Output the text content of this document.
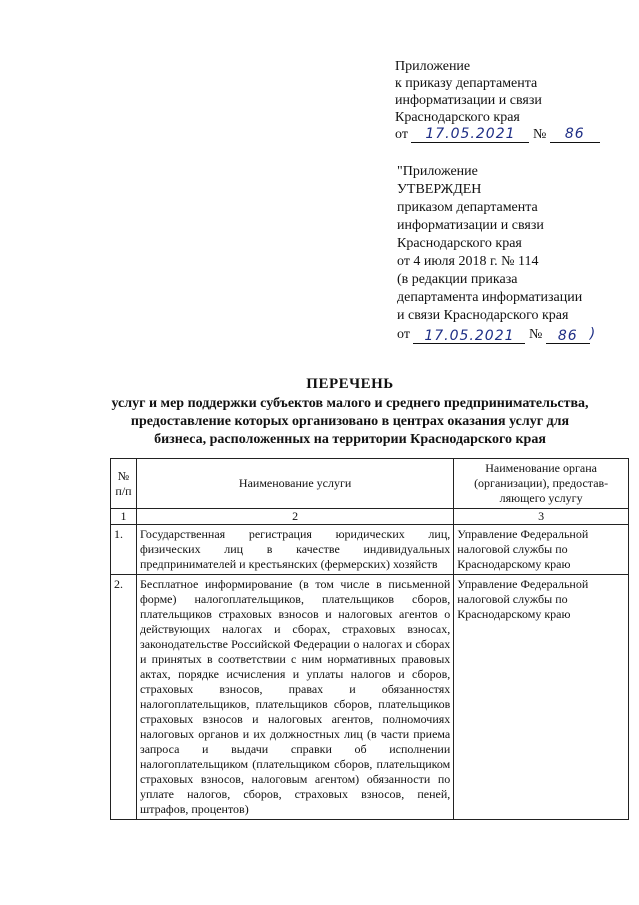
Приложение
к приказу департамента
информатизации и связи
Краснодарского края
от 17.05.2021 № 86
"Приложение
УТВЕРЖДЕН
приказом департамента
информатизации и связи
Краснодарского края
от 4 июля 2018 г. № 114
(в редакции приказа
департамента информатизации
и связи Краснодарского края
от 17.05.2021 № 86 )
ПЕРЕЧЕНЬ
услуг и мер поддержки субъектов малого и среднего предпринимательства,
предоставление которых организовано в центрах оказания услуг для
бизнеса, расположенных на территории Краснодарского края
№ п/п	Наименование услуги	Наименование органа (организации), предостав-ляющего услугу
1	2	3
1.	Государственная регистрация юридических лиц, физических лиц в качестве индивидуальных предпринимателей и крестьянских (фермерских) хозяйств	Управление Федеральной налоговой службы по Краснодарскому краю
2.	Бесплатное информирование (в том числе в письменной форме) налогоплательщиков, плательщиков сборов, плательщиков страховых взносов и налоговых агентов о действующих налогах и сборах, страховых взносах, законодательстве Российской Федерации о налогах и сборах и принятых в соответствии с ним нормативных правовых актах, порядке исчисления и уплаты налогов и сборов, страховых взносов, правах и обязанностях налогоплательщиков, плательщиков сборов, плательщиков страховых взносов и налоговых агентов, полномочиях налоговых органов и их должностных лиц (в части приема запроса и выдачи справки об исполнении налогоплательщиком (плательщиком сборов, плательщиком страховых взносов, налоговым агентом) обязанности по уплате налогов, сборов, страховых взносов, пеней, штрафов, процентов)	Управление Федеральной налоговой службы по Краснодарскому краю
